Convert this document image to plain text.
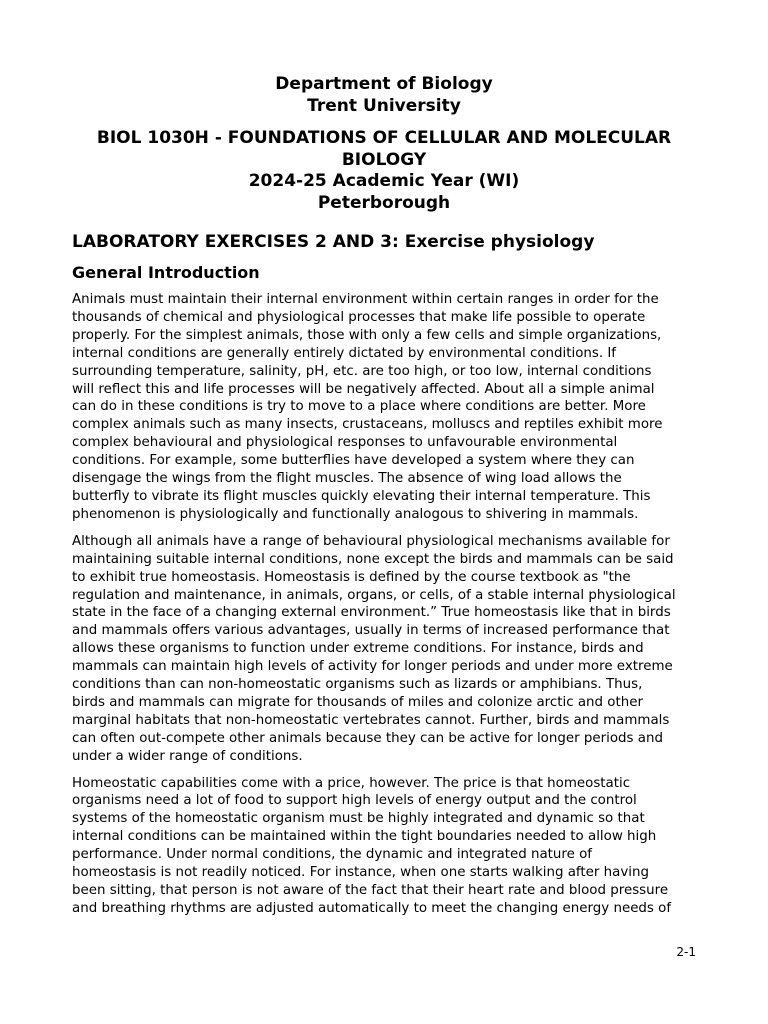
Department of Biology
Trent University
BIOL 1030H - FOUNDATIONS OF CELLULAR AND MOLECULAR
BIOLOGY
2024-25 Academic Year (WI)
Peterborough
LABORATORY EXERCISES 2 AND 3: Exercise physiology
General Introduction

Animals must maintain their internal environment within certain ranges in order for the
thousands of chemical and physiological processes that make life possible to operate
properly. For the simplest animals, those with only a few cells and simple organizations,
internal conditions are generally entirely dictated by environmental conditions. If
surrounding temperature, salinity, pH, etc. are too high, or too low, internal conditions
will reflect this and life processes will be negatively affected. About all a simple animal
can do in these conditions is try to move to a place where conditions are better. More
complex animals such as many insects, crustaceans, molluscs and reptiles exhibit more
complex behavioural and physiological responses to unfavourable environmental
conditions. For example, some butterflies have developed a system where they can
disengage the wings from the flight muscles. The absence of wing load allows the
butterfly to vibrate its flight muscles quickly elevating their internal temperature. This
phenomenon is physiologically and functionally analogous to shivering in mammals.

Although all animals have a range of behavioural physiological mechanisms available for
maintaining suitable internal conditions, none except the birds and mammals can be said
to exhibit true homeostasis. Homeostasis is defined by the course textbook as "the
regulation and maintenance, in animals, organs, or cells, of a stable internal physiological
state in the face of a changing external environment.” True homeostasis like that in birds
and mammals offers various advantages, usually in terms of increased performance that
allows these organisms to function under extreme conditions. For instance, birds and
mammals can maintain high levels of activity for longer periods and under more extreme
conditions than can non-homeostatic organisms such as lizards or amphibians. Thus,
birds and mammals can migrate for thousands of miles and colonize arctic and other
marginal habitats that non-homeostatic vertebrates cannot. Further, birds and mammals
can often out-compete other animals because they can be active for longer periods and
under a wider range of conditions.

Homeostatic capabilities come with a price, however. The price is that homeostatic
organisms need a lot of food to support high levels of energy output and the control
systems of the homeostatic organism must be highly integrated and dynamic so that
internal conditions can be maintained within the tight boundaries needed to allow high
performance. Under normal conditions, the dynamic and integrated nature of
homeostasis is not readily noticed. For instance, when one starts walking after having
been sitting, that person is not aware of the fact that their heart rate and blood pressure
and breathing rhythms are adjusted automatically to meet the changing energy needs of

2-1
